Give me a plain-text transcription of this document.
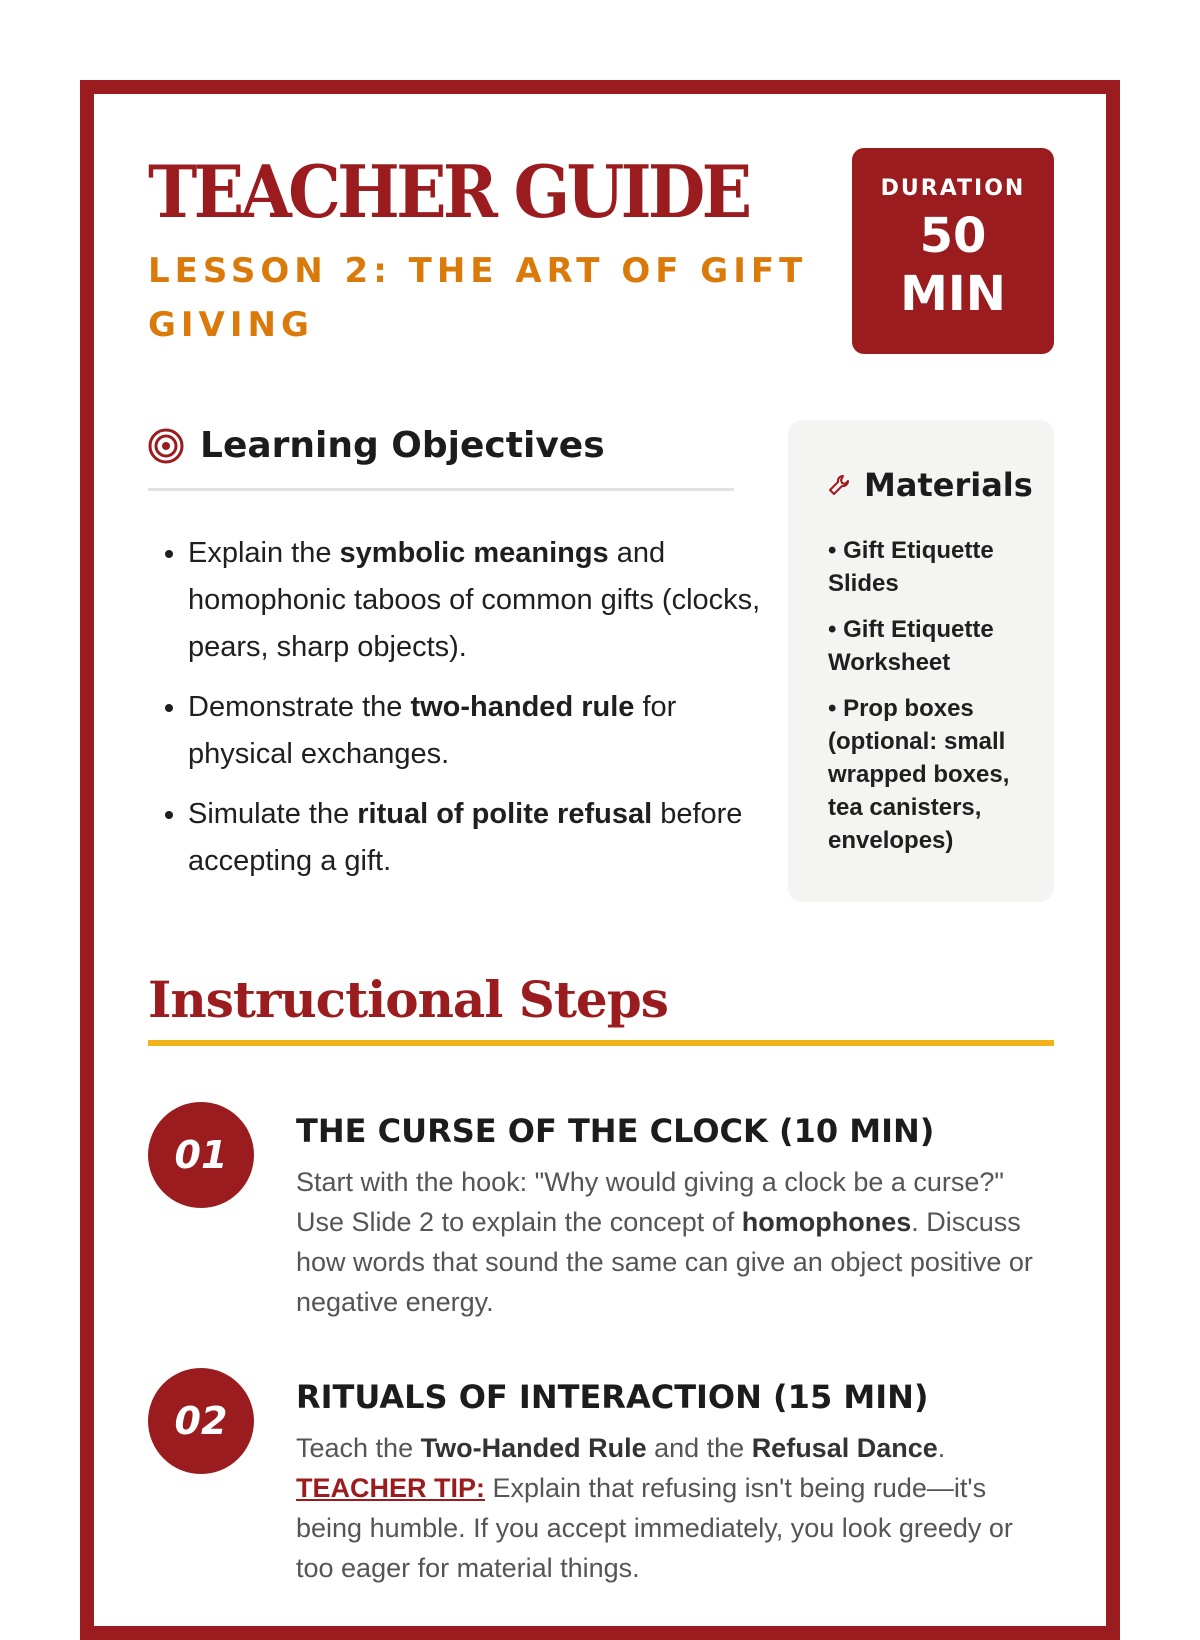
TEACHER GUIDE
LESSON 2: THE ART OF GIFT GIVING
DURATION
50
MIN
Learning Objectives
• Explain the symbolic meanings and homophonic taboos of common gifts (clocks, pears, sharp objects).
• Demonstrate the two-handed rule for physical exchanges.
• Simulate the ritual of polite refusal before accepting a gift.
Materials
• Gift Etiquette Slides
• Gift Etiquette Worksheet
• Prop boxes (optional: small wrapped boxes, tea canisters, envelopes)
Instructional Steps
01
THE CURSE OF THE CLOCK (10 MIN)

Start with the hook: "Why would giving a clock be a curse?" Use Slide 2 to explain the concept of homophones. Discuss how words that sound the same can give an object positive or negative energy.

02
RITUALS OF INTERACTION (15 MIN)

Teach the Two-Handed Rule and the Refusal Dance.
TEACHER TIP: Explain that refusing isn't being rude—it's being humble. If you accept immediately, you look greedy or too eager for material things.
